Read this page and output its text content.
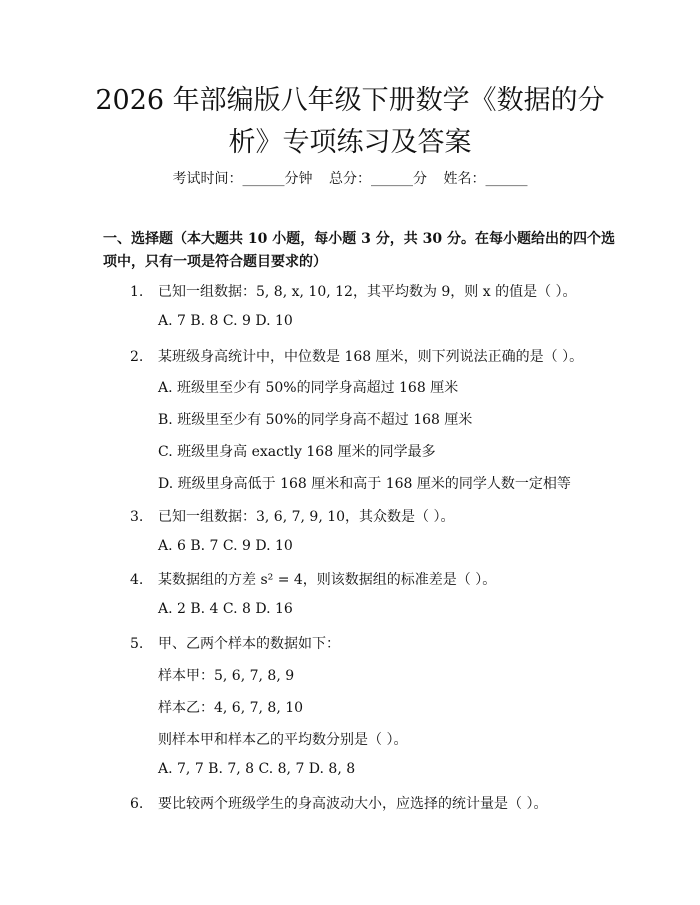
2026 年部编版八年级下册数学《数据的分
析》专项练习及答案
考试时间：______分钟 总分：______分 姓名：______

一、选择题（本大题共 10 小题，每小题 3 分，共 30 分。在每小题给出的四个选项中，只有一项是符合题目要求的）

1. 已知一组数据：5, 8, x, 10, 12，其平均数为 9，则 x 的值是（ ）。
A. 7 B. 8 C. 9 D. 10
2. 某班级身高统计中，中位数是 168 厘米，则下列说法正确的是（ ）。
A. 班级里至少有 50%的同学身高超过 168 厘米
B. 班级里至少有 50%的同学身高不超过 168 厘米
C. 班级里身高 exactly 168 厘米的同学最多
D. 班级里身高低于 168 厘米和高于 168 厘米的同学人数一定相等
3. 已知一组数据：3, 6, 7, 9, 10，其众数是（ ）。
A. 6 B. 7 C. 9 D. 10
4. 某数据组的方差 s² = 4，则该数据组的标准差是（ ）。
A. 2 B. 4 C. 8 D. 16
5. 甲、乙两个样本的数据如下：
样本甲：5, 6, 7, 8, 9
样本乙：4, 6, 7, 8, 10
则样本甲和样本乙的平均数分别是（ ）。
A. 7, 7 B. 7, 8 C. 8, 7 D. 8, 8
6. 要比较两个班级学生的身高波动大小，应选择的统计量是（ ）。
